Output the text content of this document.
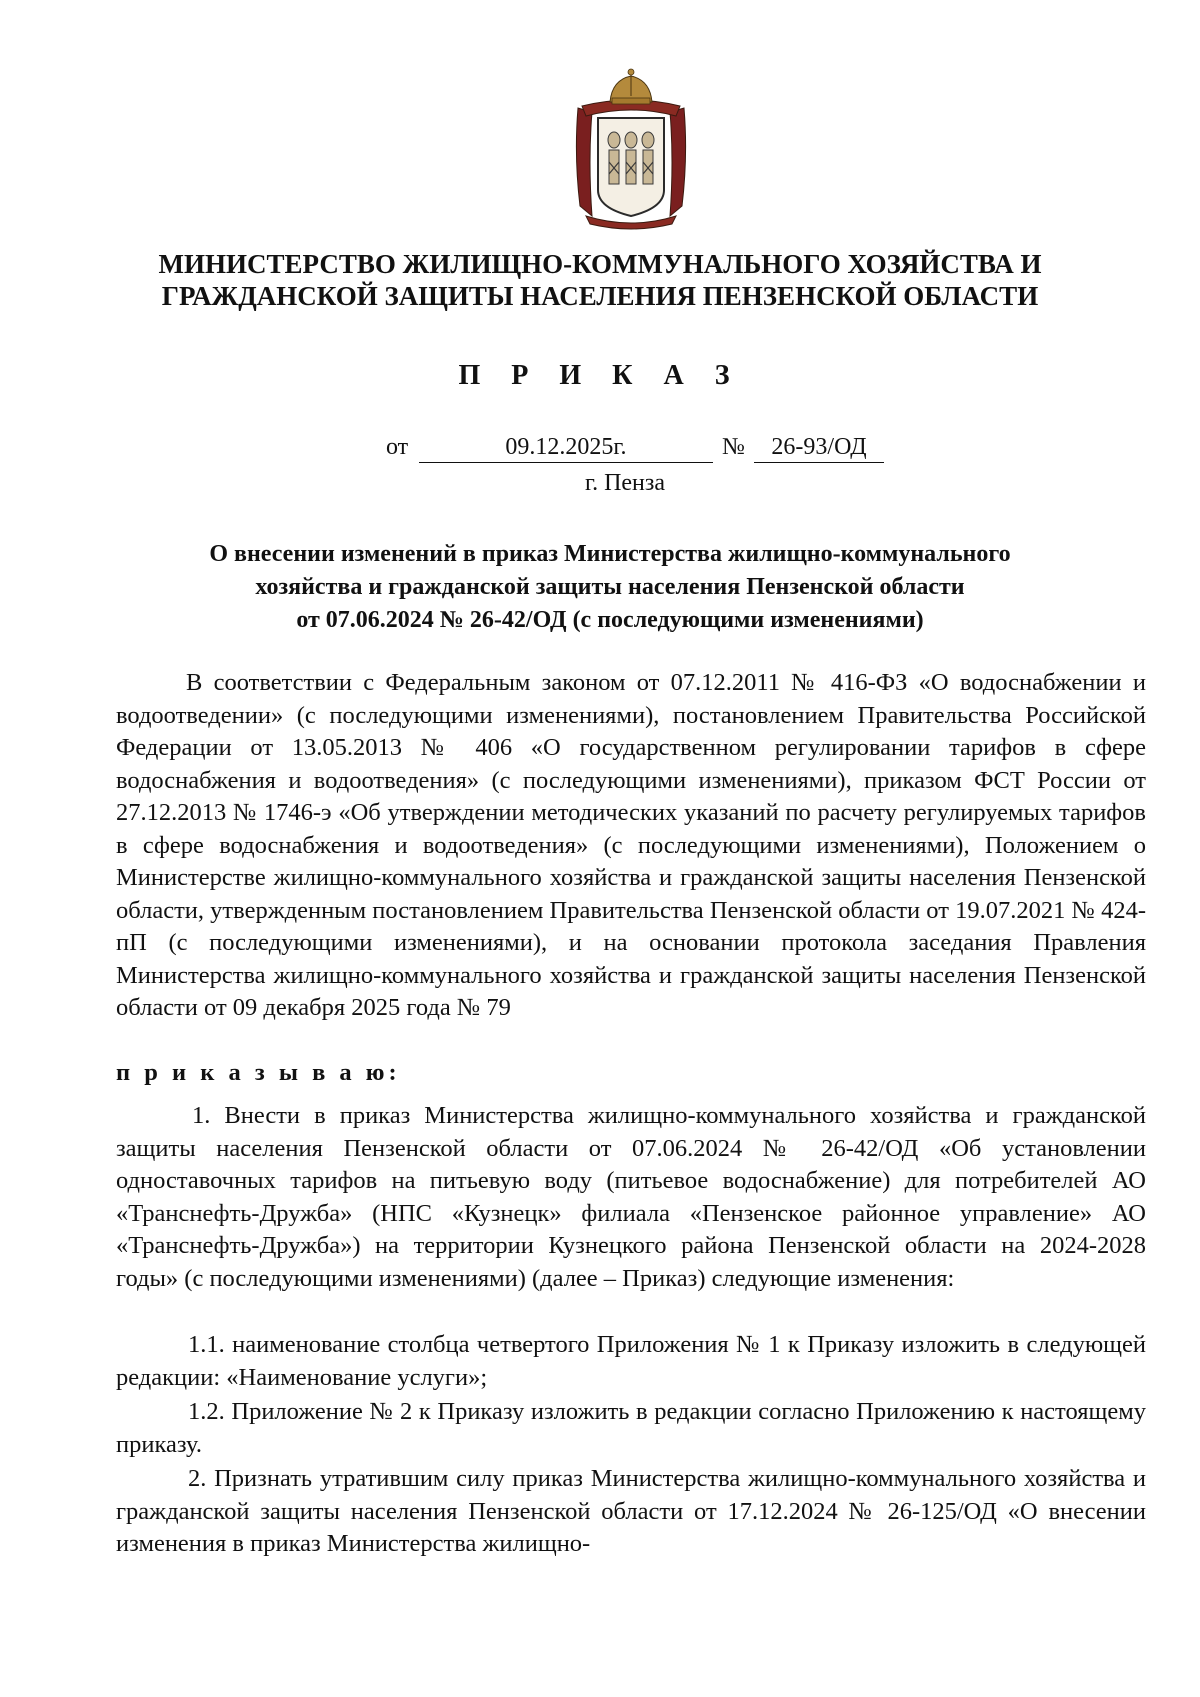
МИНИСТЕРСТВО ЖИЛИЩНО-КОММУНАЛЬНОГО ХОЗЯЙСТВА И
ГРАЖДАНСКОЙ ЗАЩИТЫ НАСЕЛЕНИЯ ПЕНЗЕНСКОЙ ОБЛАСТИ
П Р И К А З
от	09.12.2025г.	№	26-93/ОД
г. Пенза
О внесении изменений в приказ Министерства жилищно-коммунального
хозяйства и гражданской защиты населения Пензенской области
от 07.06.2024 № 26-42/ОД (с последующими изменениями)
В соответствии с Федеральным законом от 07.12.2011 № 416-ФЗ «О водоснабжении и водоотведении» (с последующими изменениями), постановлением Правительства Российской Федерации от 13.05.2013 № 406 «О государственном регулировании тарифов в сфере водоснабжения и водоотведения» (с последующими изменениями), приказом ФСТ России от 27.12.2013 № 1746-э «Об утверждении методических указаний по расчету регулируемых тарифов в сфере водоснабжения и водоотведения» (с последующими изменениями), Положением о Министерстве жилищно-коммунального хозяйства и гражданской защиты населения Пензенской области, утвержденным постановлением Правительства Пензенской области от 19.07.2021 № 424-пП (с последующими изменениями), и на основании протокола заседания Правления Министерства жилищно-коммунального хозяйства и гражданской защиты населения Пензенской области от 09 декабря 2025 года № 79
п р и к а з ы в а ю:
1. Внести в приказ Министерства жилищно-коммунального хозяйства и гражданской защиты населения Пензенской области от 07.06.2024 № 26-42/ОД «Об установлении одноставочных тарифов на питьевую воду (питьевое водоснабжение) для потребителей АО «Транснефть-Дружба» (НПС «Кузнецк» филиала «Пензенское районное управление» АО «Транснефть-Дружба») на территории Кузнецкого района Пензенской области на 2024-2028 годы» (с последующими изменениями) (далее – Приказ) следующие изменения:
1.1. наименование столбца четвертого Приложения № 1 к Приказу изложить в следующей редакции: «Наименование услуги»;
1.2. Приложение № 2 к Приказу изложить в редакции согласно Приложению к настоящему приказу.
2. Признать утратившим силу приказ Министерства жилищно-коммунального хозяйства и гражданской защиты населения Пензенской области от 17.12.2024 № 26-125/ОД «О внесении изменения в приказ Министерства жилищно-
